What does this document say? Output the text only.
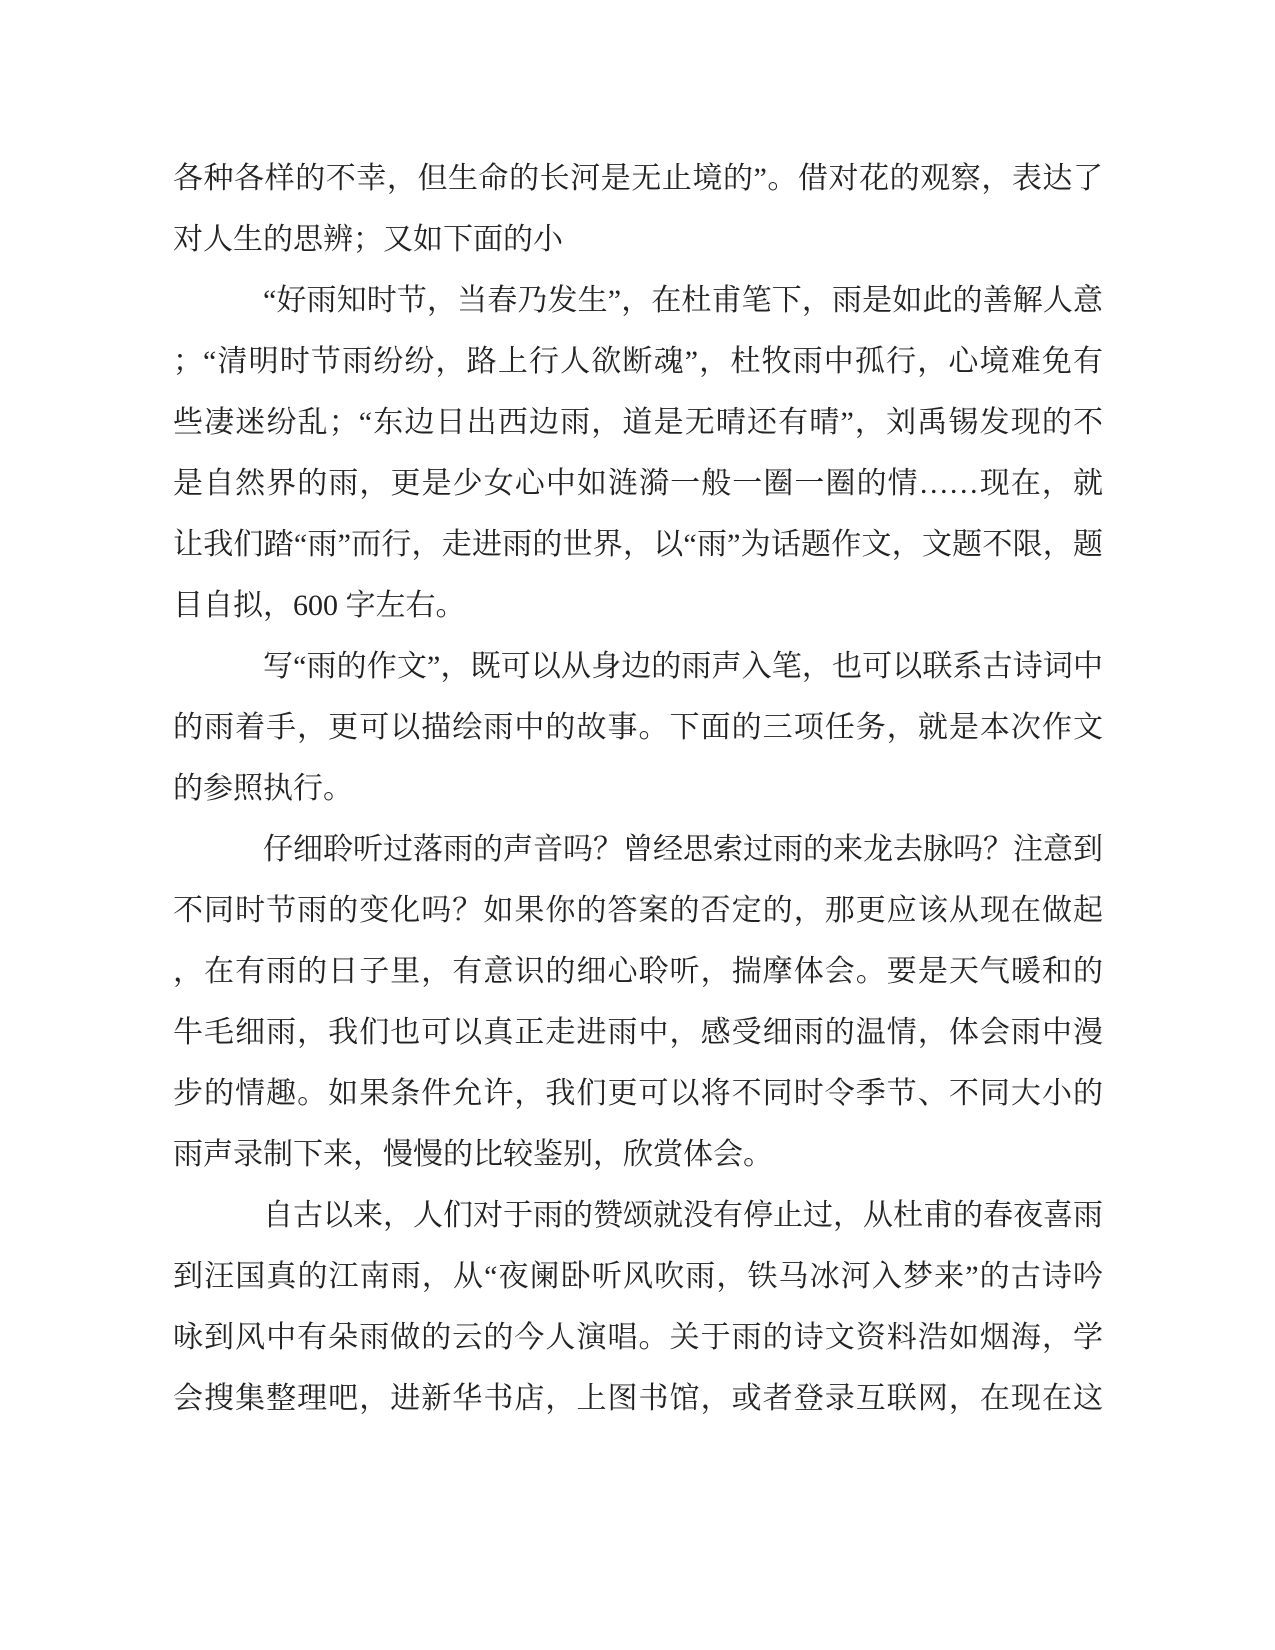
各种各样的不幸，但生命的长河是无止境的”。借对花的观察，表达了
对人生的思辨；又如下面的小
“好雨知时节，当春乃发生”，在杜甫笔下，雨是如此的善解人意
；“清明时节雨纷纷，路上行人欲断魂”，杜牧雨中孤行，心境难免有
些凄迷纷乱；“东边日出西边雨，道是无晴还有晴”，刘禹锡发现的不
是自然界的雨，更是少女心中如涟漪一般一圈一圈的情……现在，就
让我们踏“雨”而行，走进雨的世界，以“雨”为话题作文，文题不限，题
目自拟，600 字左右。
写“雨的作文”，既可以从身边的雨声入笔，也可以联系古诗词中
的雨着手，更可以描绘雨中的故事。下面的三项任务，就是本次作文
的参照执行。
仔细聆听过落雨的声音吗？曾经思索过雨的来龙去脉吗？注意到
不同时节雨的变化吗？如果你的答案的否定的，那更应该从现在做起
，在有雨的日子里，有意识的细心聆听，揣摩体会。要是天气暖和的
牛毛细雨，我们也可以真正走进雨中，感受细雨的温情，体会雨中漫
步的情趣。如果条件允许，我们更可以将不同时令季节、不同大小的
雨声录制下来，慢慢的比较鉴别，欣赏体会。
自古以来，人们对于雨的赞颂就没有停止过，从杜甫的春夜喜雨
到汪国真的江南雨，从“夜阑卧听风吹雨，铁马冰河入梦来”的古诗吟
咏到风中有朵雨做的云的今人演唱。关于雨的诗文资料浩如烟海，学
会搜集整理吧，进新华书店，上图书馆，或者登录互联网，在现在这
